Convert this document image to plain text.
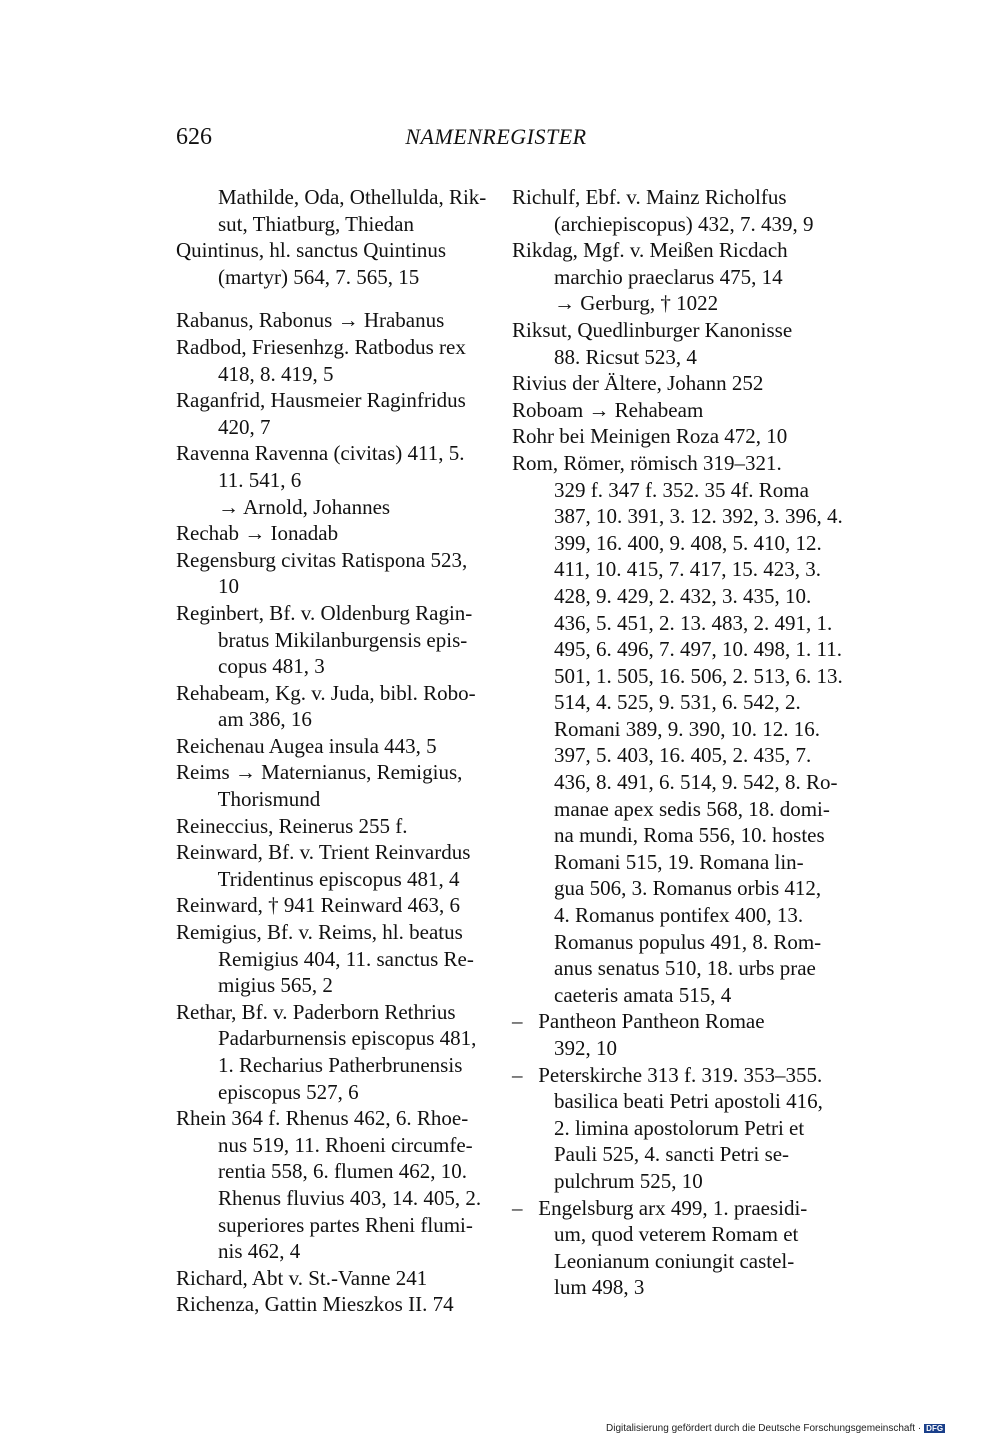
626	NAMENREGISTER
Mathilde, Oda, Othellulda, Rik-
sut, Thiatburg, Thiedan
Quintinus, hl. sanctus Quintinus
(martyr) 564, 7. 565, 15
Rabanus, Rabonus → Hrabanus
Radbod, Friesenhzg. Ratbodus rex
418, 8. 419, 5
Raganfrid, Hausmeier Raginfridus
420, 7
Ravenna Ravenna (civitas) 411, 5.
11. 541, 6
→ Arnold, Johannes
Rechab → Ionadab
Regensburg civitas Ratispona 523,
10
Reginbert, Bf. v. Oldenburg Ragin-
bratus Mikilanburgensis epis-
copus 481, 3
Rehabeam, Kg. v. Juda, bibl. Robo-
am 386, 16
Reichenau Augea insula 443, 5
Reims → Maternianus, Remigius,
Thorismund
Reineccius, Reinerus 255 f.
Reinward, Bf. v. Trient Reinvardus
Tridentinus episcopus 481, 4
Reinward, † 941 Reinward 463, 6
Remigius, Bf. v. Reims, hl. beatus
Remigius 404, 11. sanctus Re-
migius 565, 2
Rethar, Bf. v. Paderborn Rethrius
Padarburnensis episcopus 481,
1. Recharius Patherbrunensis
episcopus 527, 6
Rhein 364 f. Rhenus 462, 6. Rhoe-
nus 519, 11. Rhoeni circumfe-
rentia 558, 6. flumen 462, 10.
Rhenus fluvius 403, 14. 405, 2.
superiores partes Rheni flumi-
nis 462, 4
Richard, Abt v. St.-Vanne 241
Richenza, Gattin Mieszkos II. 74
Richulf, Ebf. v. Mainz Richolfus
(archiepiscopus) 432, 7. 439, 9
Rikdag, Mgf. v. Meißen Ricdach
marchio praeclarus 475, 14
→ Gerburg, † 1022
Riksut, Quedlinburger Kanonisse
88. Ricsut 523, 4
Rivius der Ältere, Johann 252
Roboam → Rehabeam
Rohr bei Meinigen Roza 472, 10
Rom, Römer, römisch 319–321.
329 f. 347 f. 352. 35 4f. Roma
387, 10. 391, 3. 12. 392, 3. 396, 4.
399, 16. 400, 9. 408, 5. 410, 12.
411, 10. 415, 7. 417, 15. 423, 3.
428, 9. 429, 2. 432, 3. 435, 10.
436, 5. 451, 2. 13. 483, 2. 491, 1.
495, 6. 496, 7. 497, 10. 498, 1. 11.
501, 1. 505, 16. 506, 2. 513, 6. 13.
514, 4. 525, 9. 531, 6. 542, 2.
Romani 389, 9. 390, 10. 12. 16.
397, 5. 403, 16. 405, 2. 435, 7.
436, 8. 491, 6. 514, 9. 542, 8. Ro-
manae apex sedis 568, 18. domi-
na mundi, Roma 556, 10. hostes
Romani 515, 19. Romana lin-
gua 506, 3. Romanus orbis 412,
4. Romanus pontifex 400, 13.
Romanus populus 491, 8. Rom-
anus senatus 510, 18. urbs prae
caeteris amata 515, 4
–   Pantheon Pantheon Romae
392, 10
–   Peterskirche 313 f. 319. 353–355.
basilica beati Petri apostoli 416,
2. limina apostolorum Petri et
Pauli 525, 4. sancti Petri se-
pulchrum 525, 10
–   Engelsburg arx 499, 1. praesidi-
um, quod veterem Romam et
Leonianum coniungit castel-
lum 498, 3
Digitalisierung gefördert durch die Deutsche Forschungsgemeinschaft · DFG
